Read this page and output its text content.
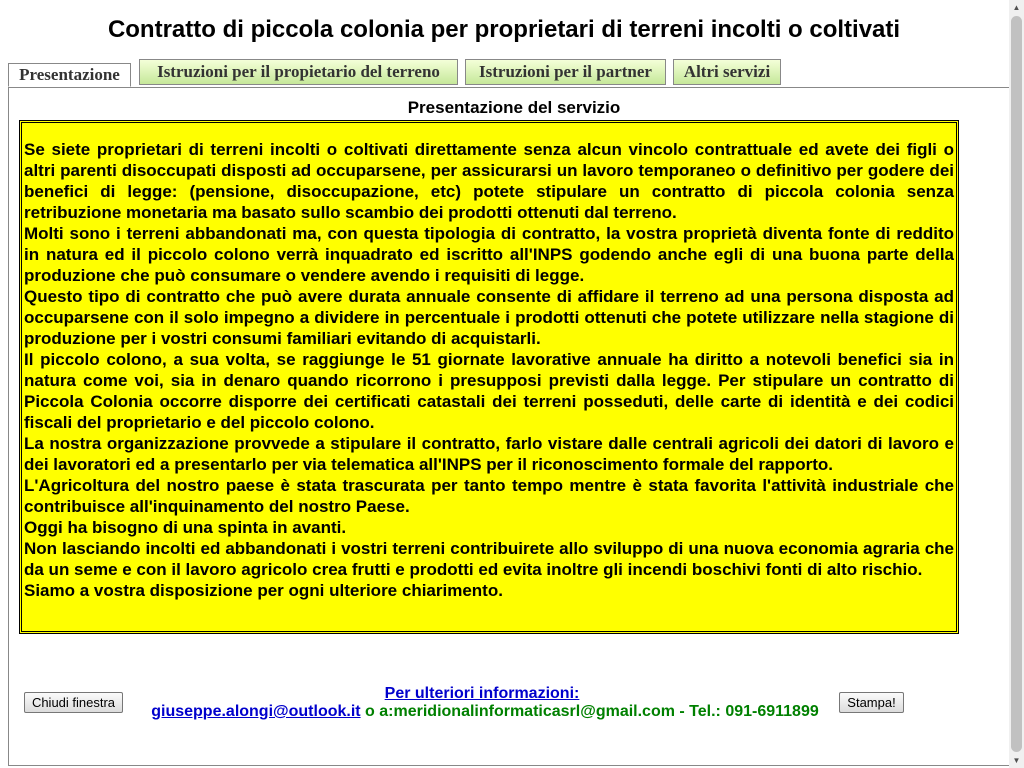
Contratto di piccola colonia per proprietari di terreni incolti o coltivati
Presentazione	Istruzioni per il propietario del terreno	Istruzioni per il partner	Altri servizi
Presentazione del servizio

Se siete proprietari di terreni incolti o coltivati direttamente senza alcun vincolo contrattuale ed avete dei figli o altri parenti disoccupati disposti ad occuparsene, per assicurarsi un lavoro temporaneo o definitivo per godere dei benefici di legge: (pensione, disoccupazione, etc) potete stipulare un contratto di piccola colonia senza retribuzione monetaria ma basato sullo scambio dei prodotti ottenuti dal terreno.

Molti sono i terreni abbandonati ma, con questa tipologia di contratto, la vostra proprietà diventa fonte di reddito in natura ed il piccolo colono verrà inquadrato ed iscritto all'INPS godendo anche egli di una buona parte della produzione che può consumare o vendere avendo i requisiti di legge.

Questo tipo di contratto che può avere durata annuale consente di affidare il terreno ad una persona disposta ad occuparsene con il solo impegno a dividere in percentuale i prodotti ottenuti che potete utilizzare nella stagione di produzione per i vostri consumi familiari evitando di acquistarli.

Il piccolo colono, a sua volta, se raggiunge le 51 giornate lavorative annuale ha diritto a notevoli benefici sia in natura come voi, sia in denaro quando ricorrono i presupposi previsti dalla legge. Per stipulare un contratto di Piccola Colonia occorre disporre dei certificati catastali dei terreni posseduti, delle carte di identità e dei codici fiscali del proprietario e del piccolo colono.

La nostra organizzazione provvede a stipulare il contratto, farlo vistare dalle centrali agricoli dei datori di lavoro e dei lavoratori ed a presentarlo per via telematica all'INPS per il riconoscimento formale del rapporto.

L'Agricoltura del nostro paese è stata trascurata per tanto tempo mentre è stata favorita l'attività industriale che contribuisce all'inquinamento del nostro Paese.

Oggi ha bisogno di una spinta in avanti.

Non lasciando incolti ed abbandonati i vostri terreni contribuirete allo sviluppo di una nuova economia agraria che da un seme e con il lavoro agricolo crea frutti e prodotti ed evita inoltre gli incendi boschivi fonti di alto rischio.

Siamo a vostra disposizione per ogni ulteriore chiarimento.

Chiudi finestra
Per ulteriori informazioni:
giuseppe.alongi@outlook.it o a:meridionalinformaticasrl@gmail.com - Tel.: 091-6911899
Stampa!
▲
▼
